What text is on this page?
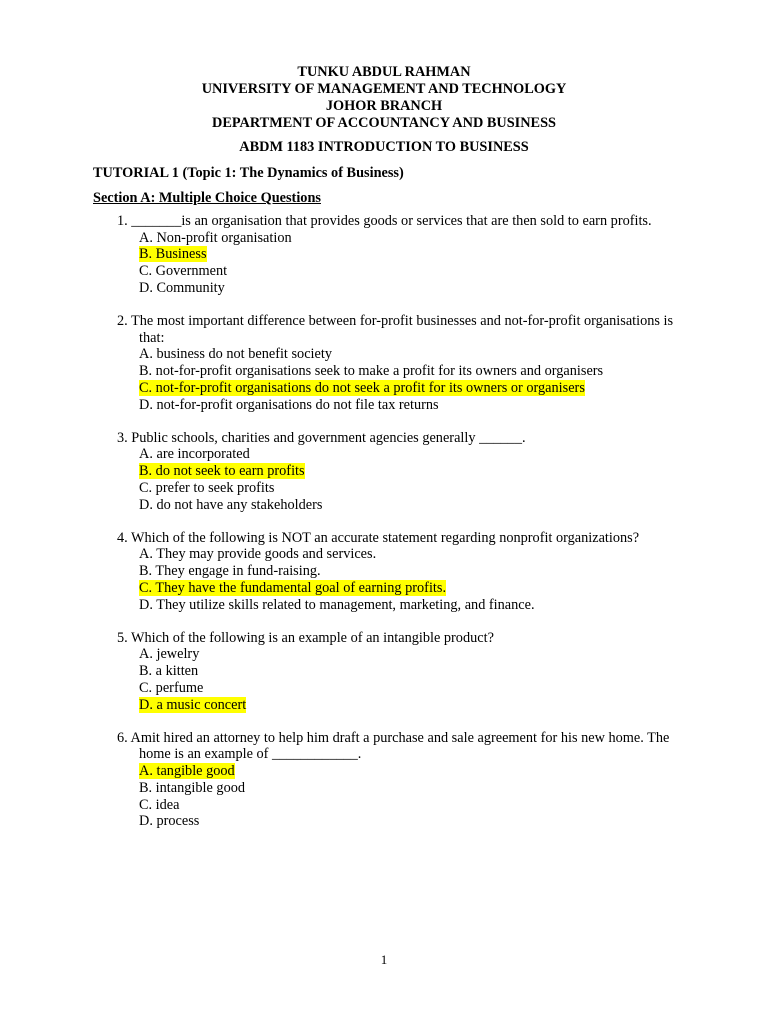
TUNKU ABDUL RAHMAN
UNIVERSITY OF MANAGEMENT AND TECHNOLOGY
JOHOR BRANCH
DEPARTMENT OF ACCOUNTANCY AND BUSINESS
ABDM 1183 INTRODUCTION TO BUSINESS
TUTORIAL 1 (Topic 1: The Dynamics of Business)
Section A: Multiple Choice Questions
1. _______is an organisation that provides goods or services that are then sold to earn profits.
A. Non-profit organisation
B. Business
C. Government
D. Community
2. The most important difference between for-profit businesses and not-for-profit organisations is that:
A. business do not benefit society
B. not-for-profit organisations seek to make a profit for its owners and organisers
C. not-for-profit organisations do not seek a profit for its owners or organisers
D. not-for-profit organisations do not file tax returns
3. Public schools, charities and government agencies generally ______.
A. are incorporated
B. do not seek to earn profits
C. prefer to seek profits
D. do not have any stakeholders
4. Which of the following is NOT an accurate statement regarding nonprofit organizations?
A. They may provide goods and services.
B. They engage in fund-raising.
C. They have the fundamental goal of earning profits.
D. They utilize skills related to management, marketing, and finance.
5. Which of the following is an example of an intangible product?
A. jewelry
B. a kitten
C. perfume
D. a music concert
6. Amit hired an attorney to help him draft a purchase and sale agreement for his new home. The home is an example of ____________.
A. tangible good
B. intangible good
C. idea
D. process
1
